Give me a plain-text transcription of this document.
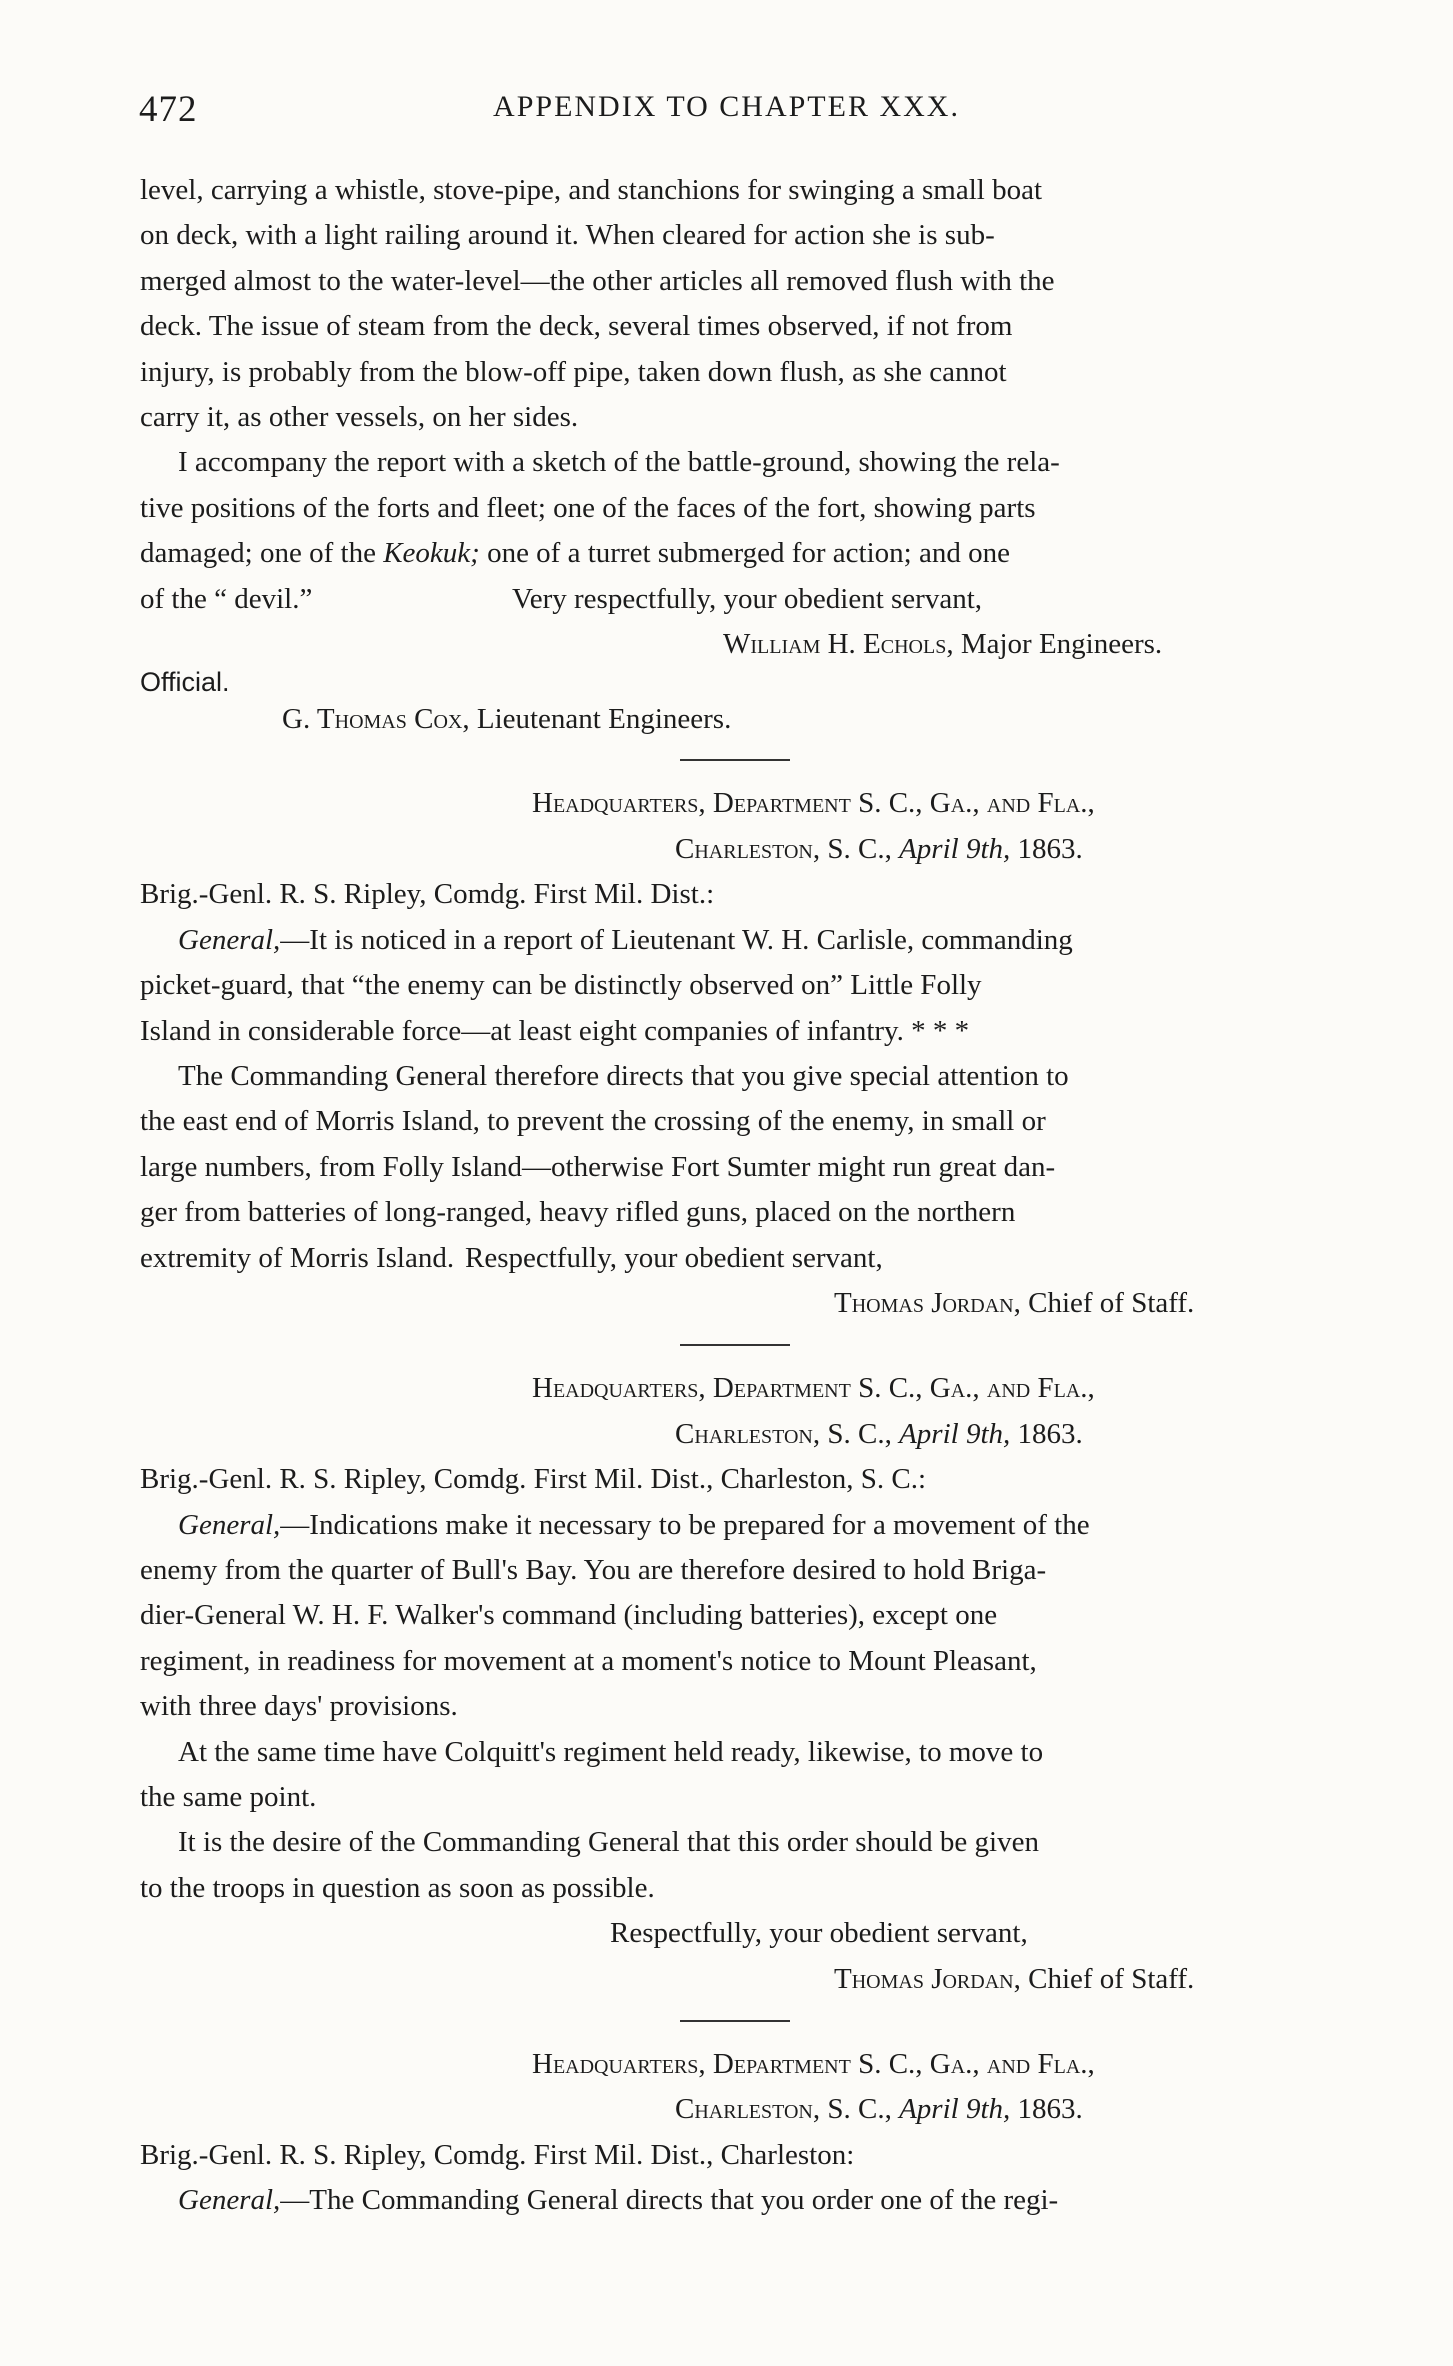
472	APPENDIX TO CHAPTER XXX.

level, carrying a whistle, stove-pipe, and stanchions for swinging a small boat

on deck, with a light railing around it. When cleared for action she is sub-

merged almost to the water-level—the other articles all removed flush with the

deck. The issue of steam from the deck, several times observed, if not from

injury, is probably from the blow-off pipe, taken down flush, as she cannot

carry it, as other vessels, on her sides.

I accompany the report with a sketch of the battle-ground, showing the rela-

tive positions of the forts and fleet; one of the faces of the fort, showing parts

damaged; one of the Keokuk; one of a turret submerged for action; and one

of the “ devil.”	Very respectfully, your obedient servant,

William H. Echols, Major Engineers.

Official.

G. Thomas Cox, Lieutenant Engineers.

Headquarters, Department S. C., Ga., and Fla.,

Charleston, S. C., April 9th, 1863.

Brig.-Genl. R. S. Ripley, Comdg. First Mil. Dist.:

General,—It is noticed in a report of Lieutenant W. H. Carlisle, commanding

picket-guard, that “the enemy can be distinctly observed on” Little Folly

Island in considerable force—at least eight companies of infantry. * * *

The Commanding General therefore directs that you give special attention to

the east end of Morris Island, to prevent the crossing of the enemy, in small or

large numbers, from Folly Island—otherwise Fort Sumter might run great dan-

ger from batteries of long-ranged, heavy rifled guns, placed on the northern

extremity of Morris Island. Respectfully, your obedient servant,

Thomas Jordan, Chief of Staff.

Headquarters, Department S. C., Ga., and Fla.,

Charleston, S. C., April 9th, 1863.

Brig.-Genl. R. S. Ripley, Comdg. First Mil. Dist., Charleston, S. C.:

General,—Indications make it necessary to be prepared for a movement of the

enemy from the quarter of Bull's Bay. You are therefore desired to hold Briga-

dier-General W. H. F. Walker's command (including batteries), except one

regiment, in readiness for movement at a moment's notice to Mount Pleasant,

with three days' provisions.

At the same time have Colquitt's regiment held ready, likewise, to move to

the same point.

It is the desire of the Commanding General that this order should be given

to the troops in question as soon as possible.

Respectfully, your obedient servant,

Thomas Jordan, Chief of Staff.

Headquarters, Department S. C., Ga., and Fla.,

Charleston, S. C., April 9th, 1863.

Brig.-Genl. R. S. Ripley, Comdg. First Mil. Dist., Charleston:

General,—The Commanding General directs that you order one of the regi-
